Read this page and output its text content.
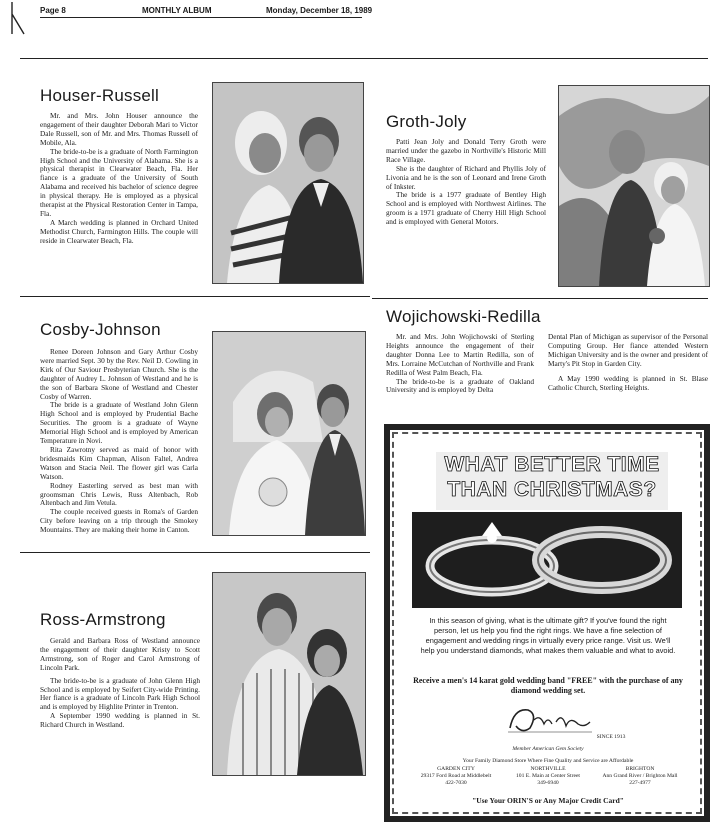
Page 8	MONTHLY ALBUM	Monday, December 18, 1989
Houser-Russell

Mr. and Mrs. John Houser announce the engagement of their daughter Deborah Mari to Victor Dale Russell, son of Mr. and Mrs. Thomas Russell of Mobile, Ala.

The bride-to-be is a graduate of North Farmington High School and the University of Alabama. She is a physical therapist in Clearwater Beach, Fla. Her fiance is a graduate of the University of South Alabama and received his bachelor of science degree in physical therapy. He is employed as a physical therapist at the Physical Restoration Center in Tampa, Fla.

A March wedding is planned in Orchard United Methodist Church, Farmington Hills. The couple will reside in Clearwater Beach, Fla.

Groth-Joly

Patti Jean Joly and Donald Terry Groth were married under the gazebo in Northville's Historic Mill Race Village.

She is the daughter of Richard and Phyllis Joly of Livonia and he is the son of Leonard and Irene Groth of Inkster.

The bride is a 1977 graduate of Bentley High School and is employed with Northwest Airlines. The groom is a 1971 graduate of Cherry Hill High School and is employed with General Motors.

Wojichowski-Redilla

Mr. and Mrs. John Wojichowski of Sterling Heights announce the engagement of their daughter Donna Lee to Martin Redilla, son of Mrs. Lorraine McCutchan of Northville and Frank Redilla of West Palm Beach, Fla.

The bride-to-be is a graduate of Oakland University and is employed by Delta

Dental Plan of Michigan as supervisor of the Personal Computing Group. Her fiance attended Western Michigan University and is the owner and president of Marty's Pit Stop in Garden City.

A May 1990 wedding is planned in St. Blase Catholic Church, Sterling Heights.

Cosby-Johnson

Renee Doreen Johnson and Gary Arthur Cosby were married Sept. 30 by the Rev. Neil D. Cowling in Kirk of Our Saviour Presbyterian Church. She is the daughter of Audrey L. Johnson of Westland and he is the son of Barbara Skone of Westland and Chester Cosby of Warren.

The bride is a graduate of Westland John Glenn High School and is employed by Prudential Bache Securities. The groom is a graduate of Wayne Memorial High School and is employed by American Temperature in Novi.

Rita Zawrotny served as maid of honor with bridesmaids Kim Chapman, Alison Faltel, Andrea Watson and Stacia Neil. The flower girl was Carla Watson.

Rodney Easterling served as best man with groomsman Chris Lewis, Russ Altenbach, Rob Altenbach and Jim Vetula.

The couple received guests in Roma's of Garden City before leaving on a trip through the Smokey Mountains. They are making their home in Canton.

Ross-Armstrong

Gerald and Barbara Ross of Westland announce the engagement of their daughter Kristy to Scott Armstrong, son of Roger and Carol Armstrong of Lincoln Park.

The bride-to-be is a graduate of John Glenn High School and is employed by Seifert City-wide Printing. Her fiance is a graduate of Lincoln Park High School and is employed by Highlite Printer in Trenton.

A September 1990 wedding is planned in St. Richard Church in Westland.

WHAT BETTER TIME
THAN CHRISTMAS?
In this season of giving, what is the ultimate gift? If you've found the right person, let us help you find the right rings. We have a fine selection of engagement and wedding rings in virtually every price range. Visit us. We'll help you understand diamonds, what makes them valuable and what to avoid.
Receive a men's 14 karat gold wedding band "FREE" with the purchase of any diamond wedding set.
SINCE 1913
Member American Gem Society
Your Family Diamond Store Where Fine Quality and Service are Affordable
GARDEN CITY
29317 Ford Road at Middlebelt
422-7030
NORTHVILLE
101 E. Main at Center Street
349-6940
BRIGHTON
Ann Grand River / Brighton Mall
227-4977
"Use Your ORIN'S or Any Major Credit Card"
